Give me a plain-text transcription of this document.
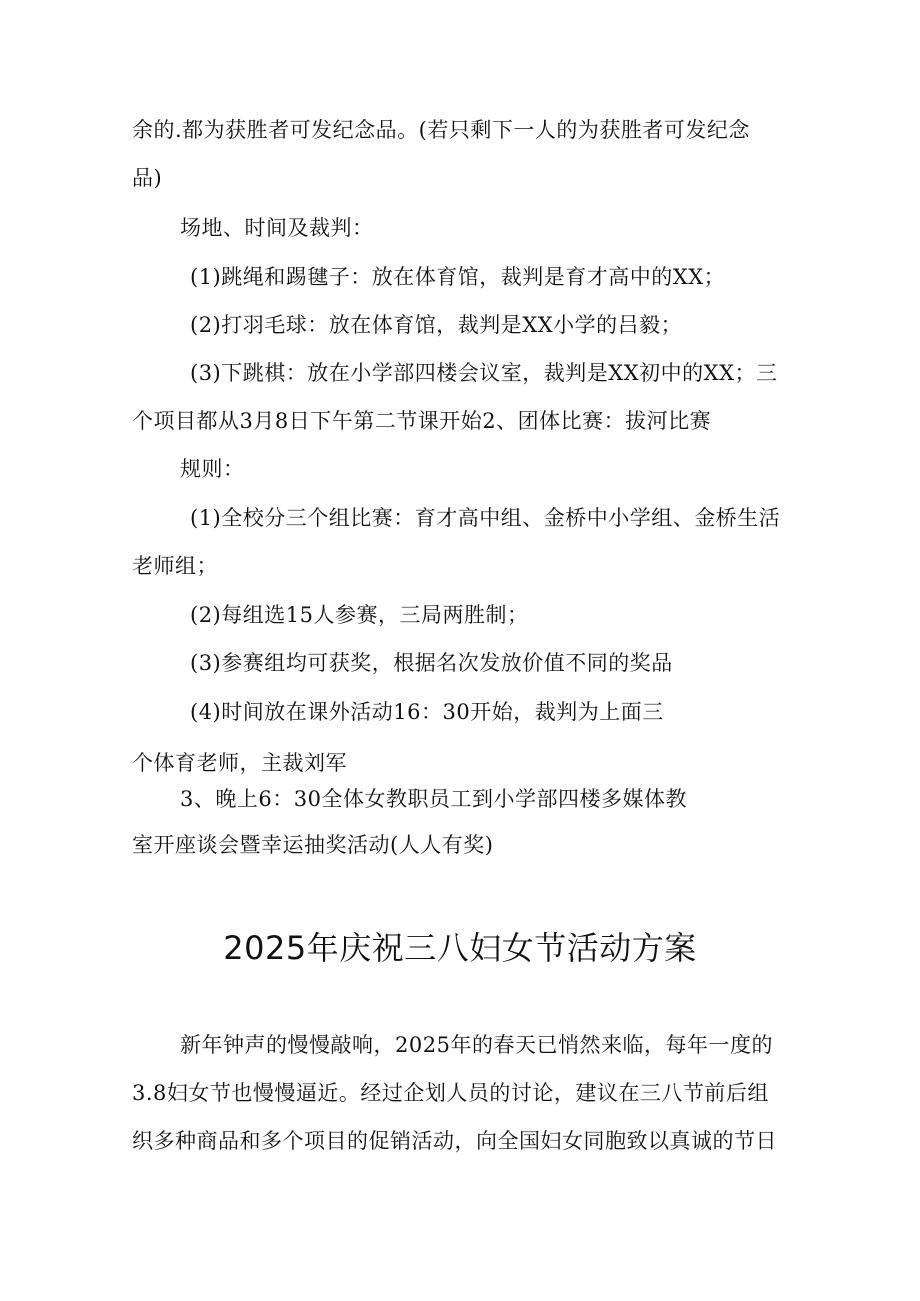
余的.都为获胜者可发纪念品。(若只剩下一人的为获胜者可发纪念
品)
场地、时间及裁判：
(1)跳绳和踢毽子：放在体育馆，裁判是育才高中的XX；
(2)打羽毛球：放在体育馆，裁判是XX小学的吕毅；
(3)下跳棋：放在小学部四楼会议室，裁判是XX初中的XX；三
个项目都从3月8日下午第二节课开始2、团体比赛：拔河比赛
规则：
(1)全校分三个组比赛：育才高中组、金桥中小学组、金桥生活
老师组；
(2)每组选15人参赛，三局两胜制；
(3)参赛组均可获奖，根据名次发放价值不同的奖品
(4)时间放在课外活动16：30开始，裁判为上面三
个体育老师，主裁刘军
3、晚上6：30全体女教职员工到小学部四楼多媒体教
室开座谈会暨幸运抽奖活动(人人有奖)
2025年庆祝三八妇女节活动方案
新年钟声的慢慢敲响，2025年的春天已悄然来临，每年一度的
3.8妇女节也慢慢逼近。经过企划人员的讨论，建议在三八节前后组
织多种商品和多个项目的促销活动，向全国妇女同胞致以真诚的节日
